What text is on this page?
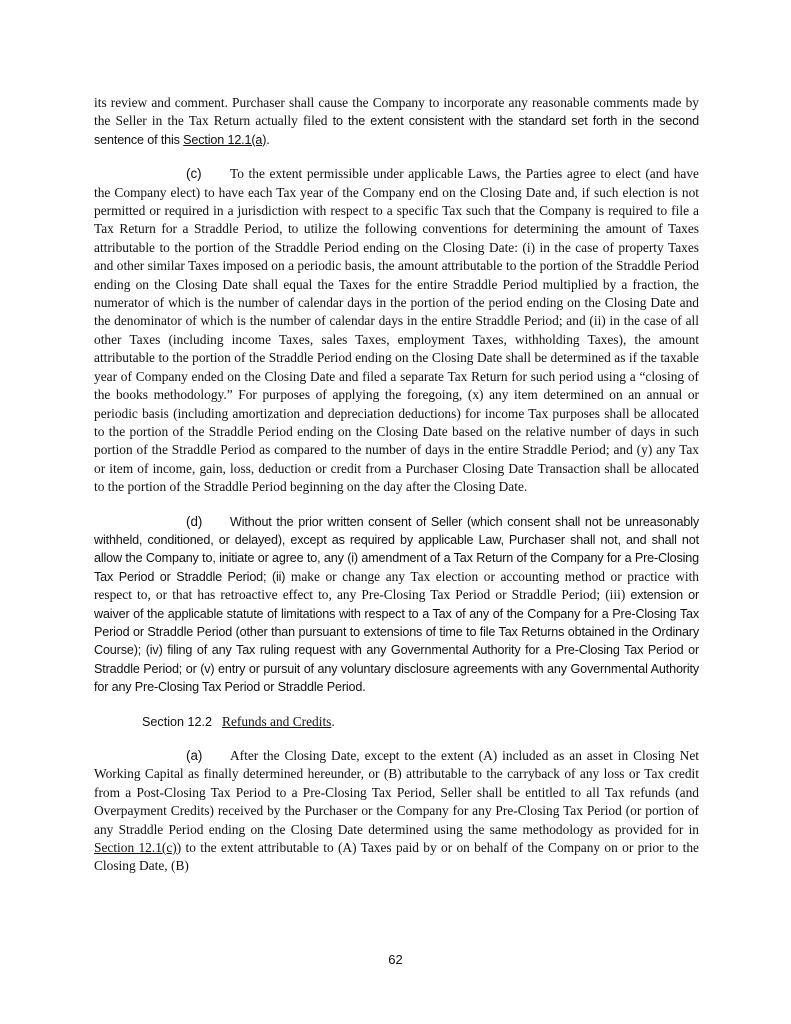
its review and comment. Purchaser shall cause the Company to incorporate any reasonable comments made by the Seller in the Tax Return actually filed to the extent consistent with the standard set forth in the second sentence of this Section 12.1(a).

(c) To the extent permissible under applicable Laws, the Parties agree to elect (and have the Company elect) to have each Tax year of the Company end on the Closing Date and, if such election is not permitted or required in a jurisdiction with respect to a specific Tax such that the Company is required to file a Tax Return for a Straddle Period, to utilize the following conventions for determining the amount of Taxes attributable to the portion of the Straddle Period ending on the Closing Date: (i) in the case of property Taxes and other similar Taxes imposed on a periodic basis, the amount attributable to the portion of the Straddle Period ending on the Closing Date shall equal the Taxes for the entire Straddle Period multiplied by a fraction, the numerator of which is the number of calendar days in the portion of the period ending on the Closing Date and the denominator of which is the number of calendar days in the entire Straddle Period; and (ii) in the case of all other Taxes (including income Taxes, sales Taxes, employment Taxes, withholding Taxes), the amount attributable to the portion of the Straddle Period ending on the Closing Date shall be determined as if the taxable year of Company ended on the Closing Date and filed a separate Tax Return for such period using a “closing of the books methodology.” For purposes of applying the foregoing, (x) any item determined on an annual or periodic basis (including amortization and depreciation deductions) for income Tax purposes shall be allocated to the portion of the Straddle Period ending on the Closing Date based on the relative number of days in such portion of the Straddle Period as compared to the number of days in the entire Straddle Period; and (y) any Tax or item of income, gain, loss, deduction or credit from a Purchaser Closing Date Transaction shall be allocated to the portion of the Straddle Period beginning on the day after the Closing Date.

(d) Without the prior written consent of Seller (which consent shall not be unreasonably withheld, conditioned, or delayed), except as required by applicable Law, Purchaser shall not, and shall not allow the Company to, initiate or agree to, any (i) amendment of a Tax Return of the Company for a Pre-Closing Tax Period or Straddle Period; (ii) make or change any Tax election or accounting method or practice with respect to, or that has retroactive effect to, any Pre-Closing Tax Period or Straddle Period; (iii) extension or waiver of the applicable statute of limitations with respect to a Tax of any of the Company for a Pre-Closing Tax Period or Straddle Period (other than pursuant to extensions of time to file Tax Returns obtained in the Ordinary Course); (iv) filing of any Tax ruling request with any Governmental Authority for a Pre-Closing Tax Period or Straddle Period; or (v) entry or pursuit of any voluntary disclosure agreements with any Governmental Authority for any Pre-Closing Tax Period or Straddle Period.

Section 12.2 Refunds and Credits.

(a) After the Closing Date, except to the extent (A) included as an asset in Closing Net Working Capital as finally determined hereunder, or (B) attributable to the carryback of any loss or Tax credit from a Post-Closing Tax Period to a Pre-Closing Tax Period, Seller shall be entitled to all Tax refunds (and Overpayment Credits) received by the Purchaser or the Company for any Pre-Closing Tax Period (or portion of any Straddle Period ending on the Closing Date determined using the same methodology as provided for in Section 12.1(c)) to the extent attributable to (A) Taxes paid by or on behalf of the Company on or prior to the Closing Date, (B)

62
